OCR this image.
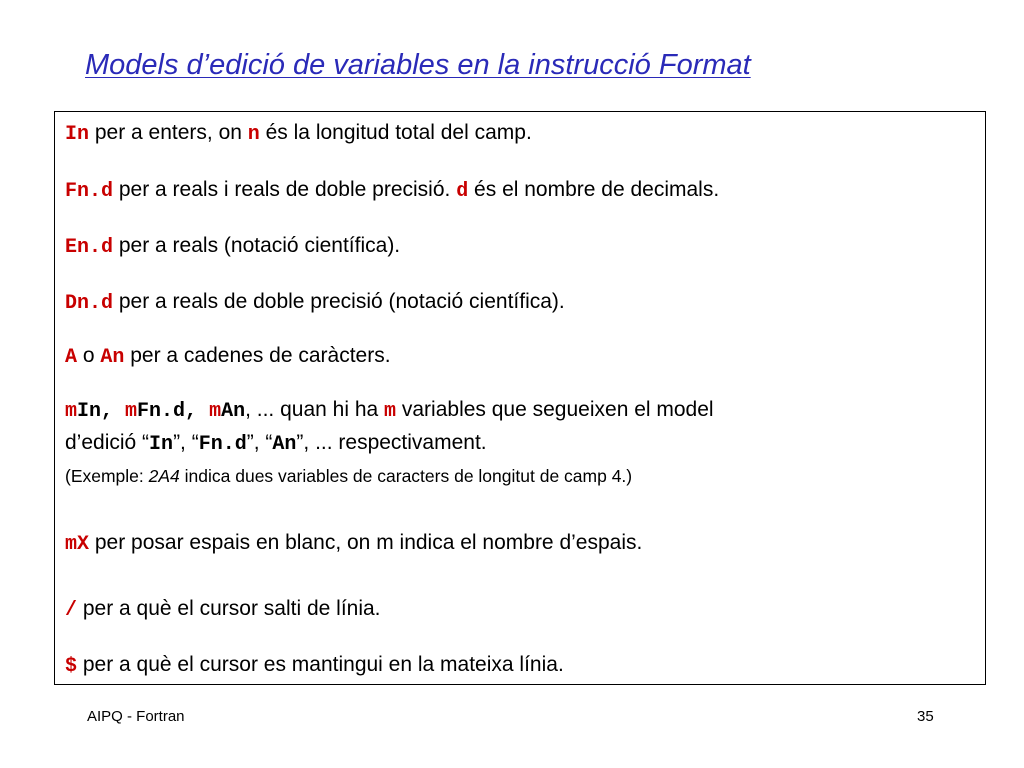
Models d’edició de variables en la instrucció Format

In per a enters, on n és la longitud total del camp.

Fn.d per a reals i reals de doble precisió. d és el nombre de decimals.

En.d per a reals (notació científica).

Dn.d per a reals de doble precisió (notació científica).

A o An per a cadenes de caràcters.

mIn, mFn.d, mAn, ... quan hi ha m variables que segueixen el model

d’edició “In”, “Fn.d”, “An”, ... respectivament.

(Exemple: 2A4 indica dues variables de caracters de longitut de camp 4.)

mX per posar espais en blanc, on m indica el nombre d’espais.

/ per a què el cursor salti de línia.

$ per a què el cursor es mantingui en la mateixa línia.

AIPQ - Fortran	35
